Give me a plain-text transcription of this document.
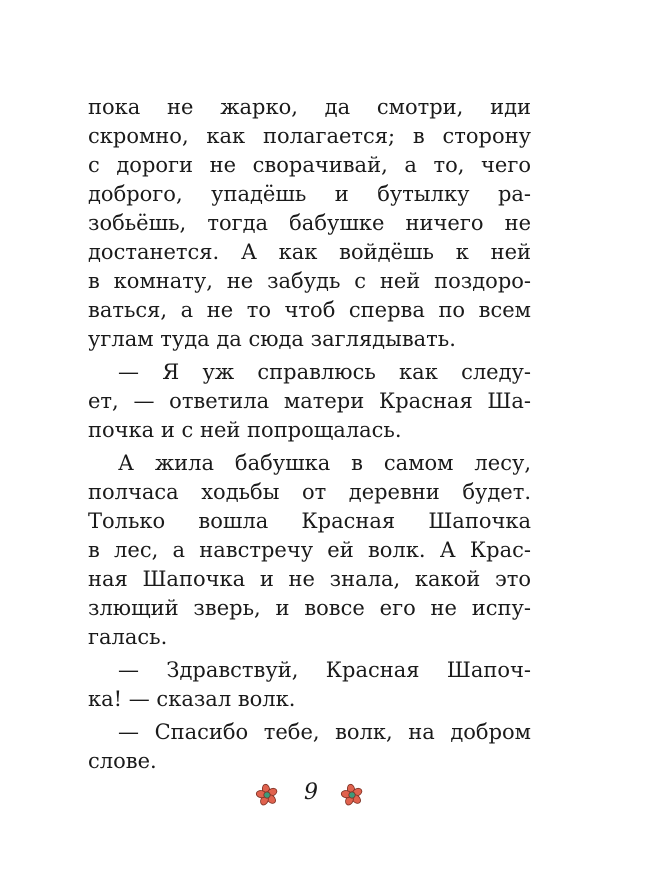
пока не жарко, да смотри, иди
скромно, как полагается; в сторону
с дороги не сворачивай, а то, чего
доброго, упадёшь и бутылку ра-
зобьёшь, тогда бабушке ничего не
достанется. А как войдёшь к ней
в комнату, не забудь с ней поздоро-
ваться, а не то чтоб сперва по всем
углам туда да сюда заглядывать.

— Я уж справлюсь как следу-
ет, — ответила матери Красная Ша-
почка и с ней попрощалась.

А жила бабушка в самом лесу,
полчаса ходьбы от деревни будет.
Только вошла Красная Шапочка
в лес, а навстречу ей волк. А Крас-
ная Шапочка и не знала, какой это
злющий зверь, и вовсе его не испу-
галась.

— Здравствуй, Красная Шапоч-
ка! — сказал волк.

— Спасибо тебе, волк, на добром
слове.

9
